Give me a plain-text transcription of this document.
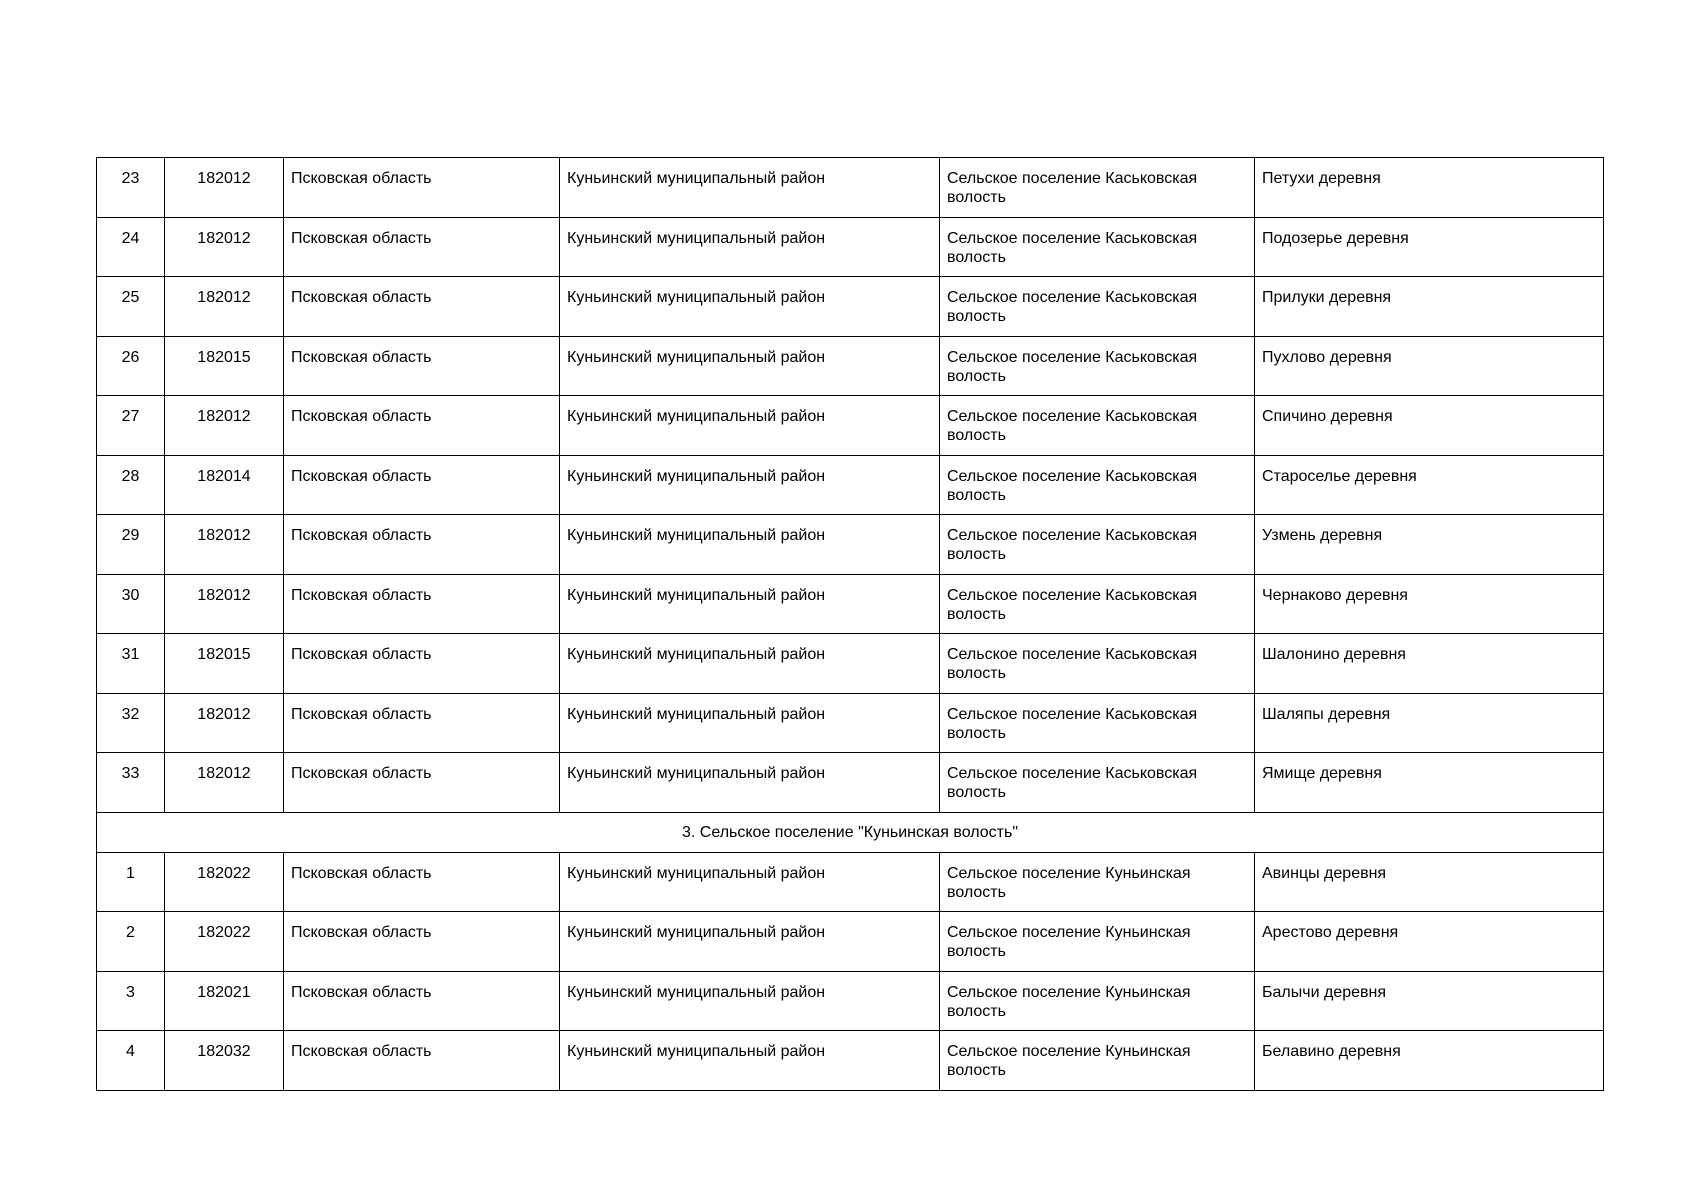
23	182012	Псковская область	Куньинский муниципальный район	Сельское поселение Каськовская волость	Петухи деревня
24	182012	Псковская область	Куньинский муниципальный район	Сельское поселение Каськовская волость	Подозерье деревня
25	182012	Псковская область	Куньинский муниципальный район	Сельское поселение Каськовская волость	Прилуки деревня
26	182015	Псковская область	Куньинский муниципальный район	Сельское поселение Каськовская волость	Пухлово деревня
27	182012	Псковская область	Куньинский муниципальный район	Сельское поселение Каськовская волость	Спичино деревня
28	182014	Псковская область	Куньинский муниципальный район	Сельское поселение Каськовская волость	Староселье деревня
29	182012	Псковская область	Куньинский муниципальный район	Сельское поселение Каськовская волость	Узмень деревня
30	182012	Псковская область	Куньинский муниципальный район	Сельское поселение Каськовская волость	Чернаково деревня
31	182015	Псковская область	Куньинский муниципальный район	Сельское поселение Каськовская волость	Шалонино деревня
32	182012	Псковская область	Куньинский муниципальный район	Сельское поселение Каськовская волость	Шаляпы деревня
33	182012	Псковская область	Куньинский муниципальный район	Сельское поселение Каськовская волость	Ямище деревня
3. Сельское поселение "Куньинская волость"					
1	182022	Псковская область	Куньинский муниципальный район	Сельское поселение Куньинская волость	Авинцы деревня
2	182022	Псковская область	Куньинский муниципальный район	Сельское поселение Куньинская волость	Арестово деревня
3	182021	Псковская область	Куньинский муниципальный район	Сельское поселение Куньинская волость	Балычи деревня
4	182032	Псковская область	Куньинский муниципальный район	Сельское поселение Куньинская волость	Белавино деревня
